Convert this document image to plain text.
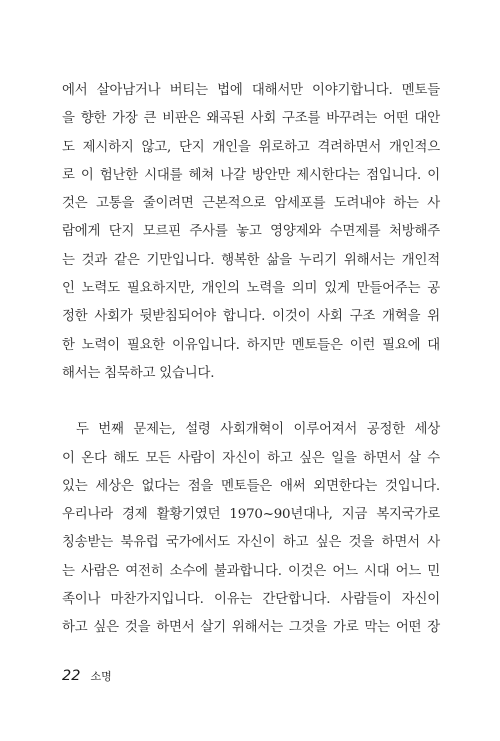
에서 살아남거나 버티는 법에 대해서만 이야기합니다. 멘토들
을 향한 가장 큰 비판은 왜곡된 사회 구조를 바꾸려는 어떤 대안
도 제시하지 않고, 단지 개인을 위로하고 격려하면서 개인적으
로 이 험난한 시대를 헤쳐 나갈 방안만 제시한다는 점입니다. 이
것은 고통을 줄이려면 근본적으로 암세포를 도려내야 하는 사
람에게 단지 모르핀 주사를 놓고 영양제와 수면제를 처방해주
는 것과 같은 기만입니다. 행복한 삶을 누리기 위해서는 개인적
인 노력도 필요하지만, 개인의 노력을 의미 있게 만들어주는 공
정한 사회가 뒷받침되어야 합니다. 이것이 사회 구조 개혁을 위
한 노력이 필요한 이유입니다. 하지만 멘토들은 이런 필요에 대
해서는 침묵하고 있습니다.
두 번째 문제는, 설령 사회개혁이 이루어져서 공정한 세상
이 온다 해도 모든 사람이 자신이 하고 싶은 일을 하면서 살 수
있는 세상은 없다는 점을 멘토들은 애써 외면한다는 것입니다.
우리나라 경제 활황기였던 1970~90년대나, 지금 복지국가로
칭송받는 북유럽 국가에서도 자신이 하고 싶은 것을 하면서 사
는 사람은 여전히 소수에 불과합니다. 이것은 어느 시대 어느 민
족이나 마찬가지입니다. 이유는 간단합니다. 사람들이 자신이
하고 싶은 것을 하면서 살기 위해서는 그것을 가로 막는 어떤 장
22 소명
